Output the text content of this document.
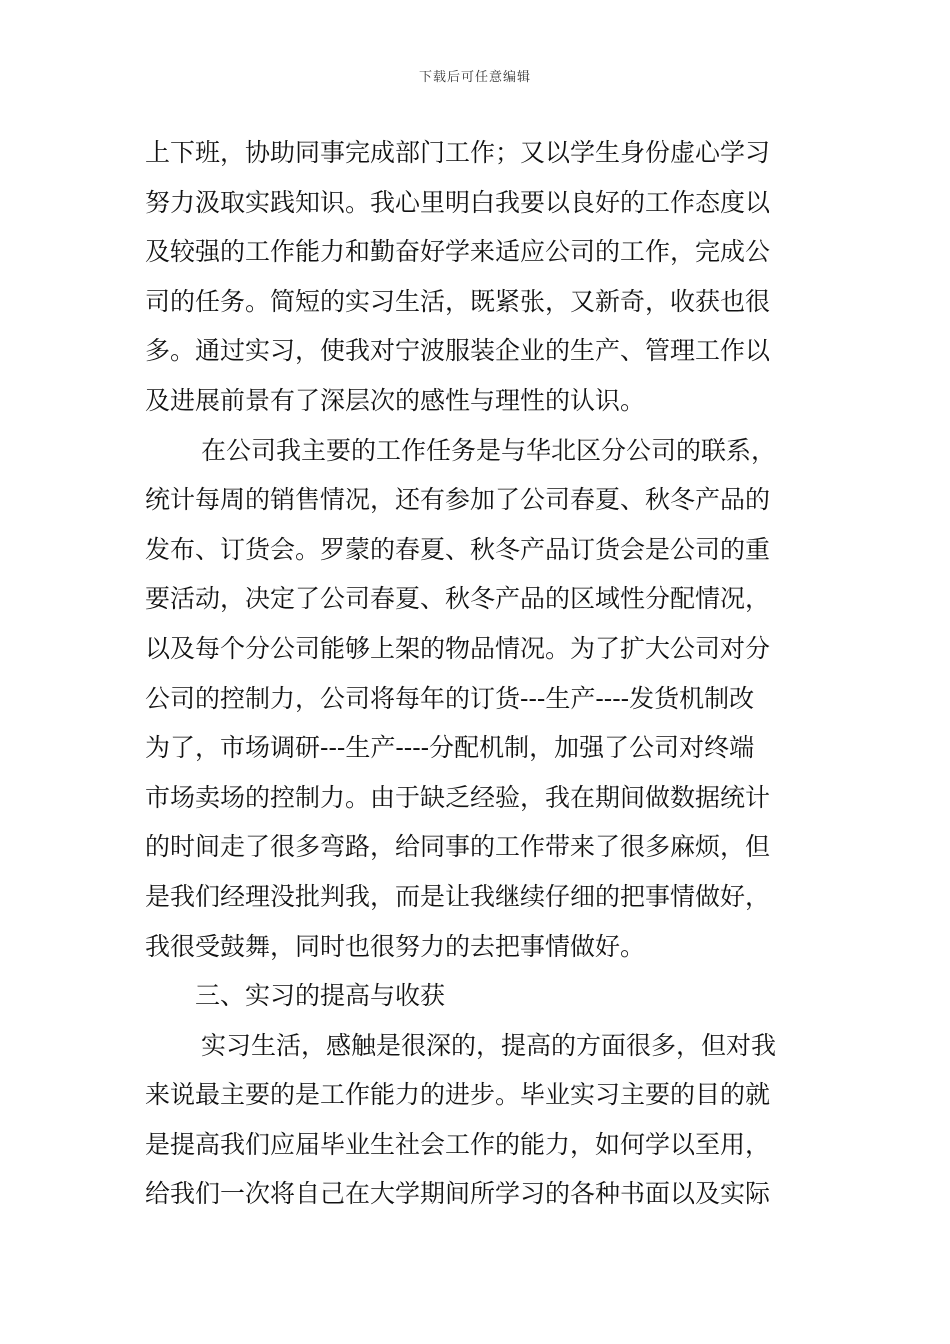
下载后可任意编辑
上下班，协助同事完成部门工作；又以学生身份虚心学习
努力汲取实践知识。我心里明白我要以良好的工作态度以
及较强的工作能力和勤奋好学来适应公司的工作，完成公
司的任务。简短的实习生活，既紧张，又新奇，收获也很
多。通过实习，使我对宁波服装企业的生产、管理工作以
及进展前景有了深层次的感性与理性的认识。
在公司我主要的工作任务是与华北区分公司的联系，
统计每周的销售情况，还有参加了公司春夏、秋冬产品的
发布、订货会。罗蒙的春夏、秋冬产品订货会是公司的重
要活动，决定了公司春夏、秋冬产品的区域性分配情况，
以及每个分公司能够上架的物品情况。为了扩大公司对分
公司的控制力，公司将每年的订货---生产----发货机制改
为了，市场调研---生产----分配机制，加强了公司对终端
市场卖场的控制力。由于缺乏经验，我在期间做数据统计
的时间走了很多弯路，给同事的工作带来了很多麻烦，但
是我们经理没批判我，而是让我继续仔细的把事情做好，
我很受鼓舞，同时也很努力的去把事情做好。
三、实习的提高与收获
实习生活，感触是很深的，提高的方面很多，但对我
来说最主要的是工作能力的进步。毕业实习主要的目的就
是提高我们应届毕业生社会工作的能力，如何学以至用，
给我们一次将自己在大学期间所学习的各种书面以及实际
